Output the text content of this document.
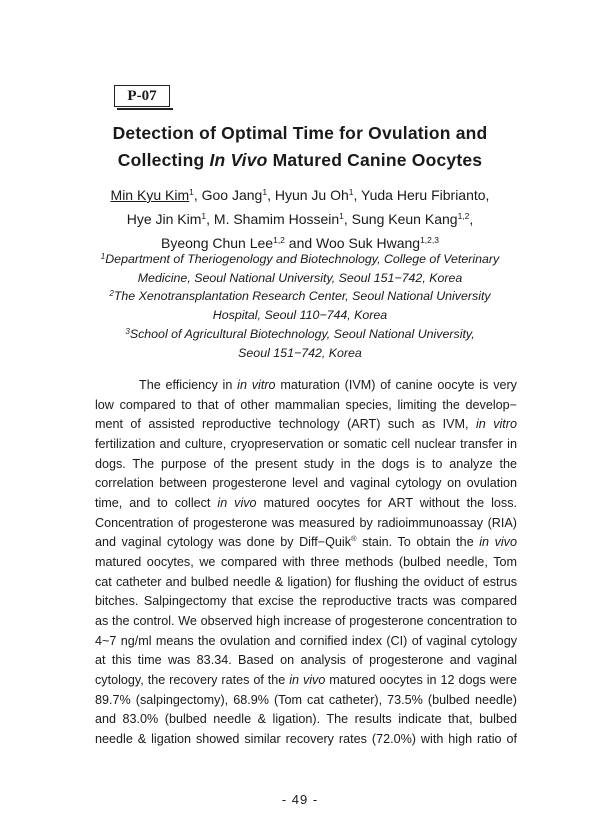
P-07
Detection of Optimal Time for Ovulation and
Collecting In Vivo Matured Canine Oocytes
Min Kyu Kim$^1$, Goo Jang$^1$, Hyun Ju Oh$^1$, Yuda Heru Fibrianto,
Hye Jin Kim$^1$, M. Shamim Hossein$^1$, Sung Keun Kang$^{1,2}$,
Byeong Chun Lee$^{1,2}$ and Woo Suk Hwang$^{1,2,3}$
$^1$Department of Theriogenology and Biotechnology, College of Veterinary
Medicine, Seoul National University, Seoul 151−742, Korea
$^2$The Xenotransplantation Research Center, Seoul National University
Hospital, Seoul 110−744, Korea
$^3$School of Agricultural Biotechnology, Seoul National University,
Seoul 151−742, Korea
The efficiency in in vitro maturation (IVM) of canine oocyte is very
low compared to that of other mammalian species, limiting the develop−
ment of assisted reproductive technology (ART) such as IVM, in vitro
fertilization and culture, cryopreservation or somatic cell nuclear transfer in
dogs. The purpose of the present study in the dogs is to analyze the
correlation between progesterone level and vaginal cytology on ovulation
time, and to collect in vivo matured oocytes for ART without the loss.
Concentration of progesterone was measured by radioimmunoassay (RIA)
and vaginal cytology was done by Diff−Quik® stain. To obtain the in vivo
matured oocytes, we compared with three methods (bulbed needle, Tom
cat catheter and bulbed needle & ligation) for flushing the oviduct of estrus
bitches. Salpingectomy that excise the reproductive tracts was compared
as the control. We observed high increase of progesterone concentration to
4~7 ng/ml means the ovulation and cornified index (CI) of vaginal cytology
at this time was 83.34. Based on analysis of progesterone and vaginal
cytology, the recovery rates of the in vivo matured oocytes in 12 dogs were
89.7% (salpingectomy), 68.9% (Tom cat catheter), 73.5% (bulbed needle)
and 83.0% (bulbed needle & ligation). The results indicate that, bulbed
needle & ligation showed similar recovery rates (72.0%) with high ratio of
- 49 -
